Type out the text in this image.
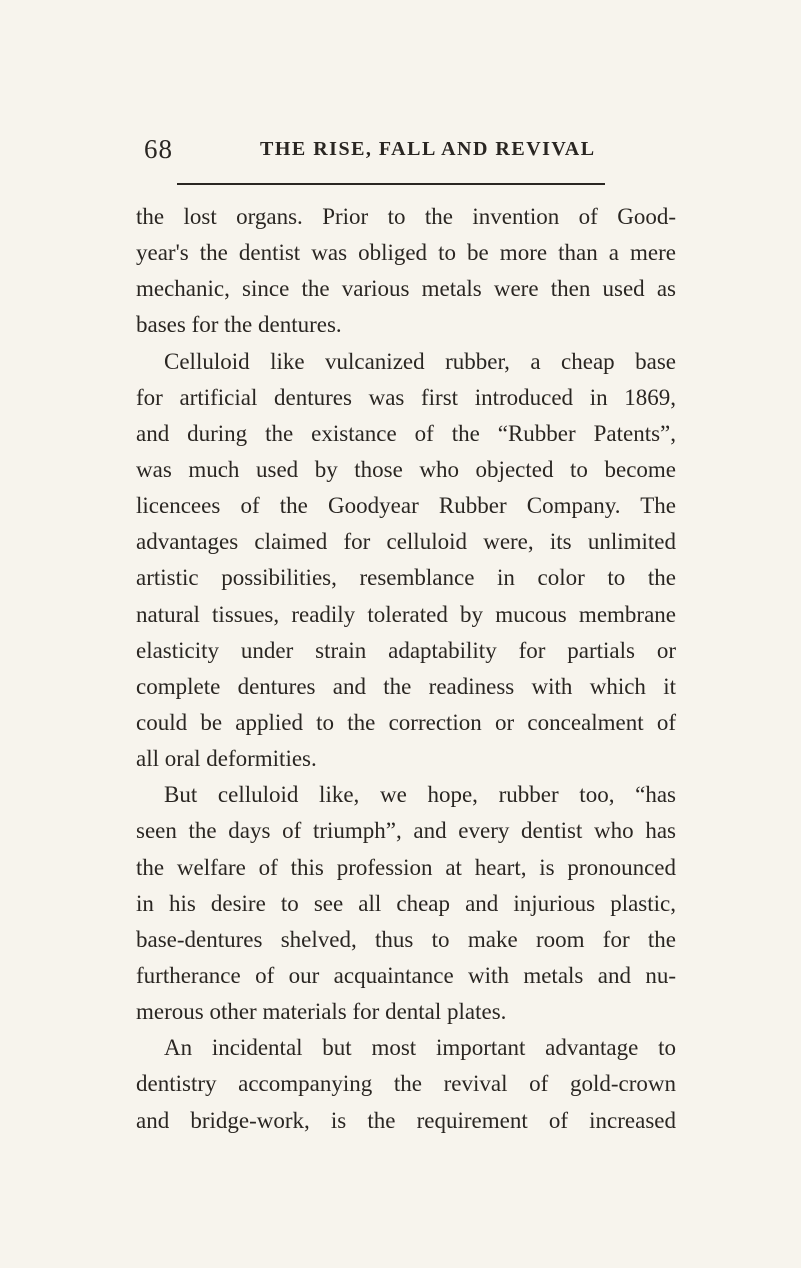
68	THE RISE, FALL AND REVIVAL
the lost organs. Prior to the invention of Good-
year's the dentist was obliged to be more than a mere
mechanic, since the various metals were then used as
bases for the dentures.
Celluloid like vulcanized rubber, a cheap base
for artificial dentures was first introduced in 1869,
and during the existance of the “Rubber Patents”,
was much used by those who objected to become
licencees of the Goodyear Rubber Company. The
advantages claimed for celluloid were, its unlimited
artistic possibilities, resemblance in color to the
natural tissues, readily tolerated by mucous membrane
elasticity under strain adaptability for partials or
complete dentures and the readiness with which it
could be applied to the correction or concealment of
all oral deformities.
But celluloid like, we hope, rubber too, “has
seen the days of triumph”, and every dentist who has
the welfare of this profession at heart, is pronounced
in his desire to see all cheap and injurious plastic,
base-dentures shelved, thus to make room for the
furtherance of our acquaintance with metals and nu-
merous other materials for dental plates.
An incidental but most important advantage to
dentistry accompanying the revival of gold-crown
and bridge-work, is the requirement of increased
